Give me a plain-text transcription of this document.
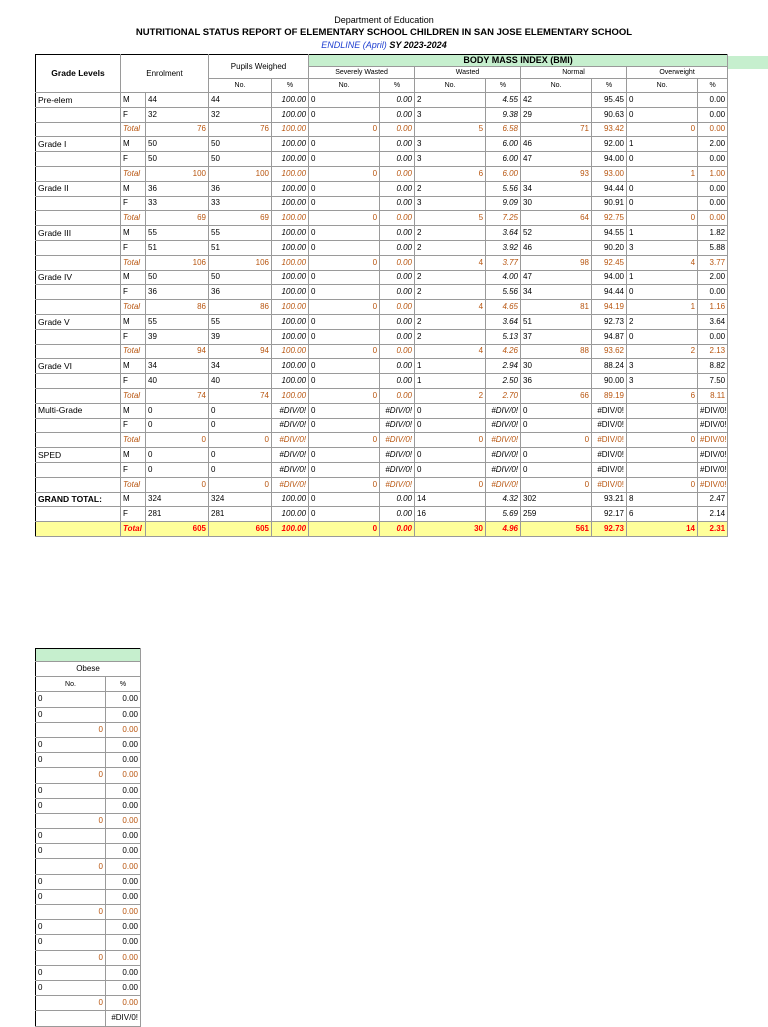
Department of Education
NUTRITIONAL STATUS REPORT OF ELEMENTARY SCHOOL CHILDREN IN SAN JOSE ELEMENTARY SCHOOL
ENDLINE (April) SY 2023-2024
Grade Levels	Enrolment		Pupils Weighed		BODY MASS INDEX (BMI)							
					Severely Wasted		Wasted		Normal		Overweight	
			No.	%	No.	%	No.	%	No.	%	No.	%
Pre-elem	M	44	44	100.00	0	0.00	2	4.55	42	95.45	0	0.00
	F	32	32	100.00	0	0.00	3	9.38	29	90.63	0	0.00
	Total	76	76	100.00	0	0.00	5	6.58	71	93.42	0	0.00
Grade I	M	50	50	100.00	0	0.00	3	6.00	46	92.00	1	2.00
	F	50	50	100.00	0	0.00	3	6.00	47	94.00	0	0.00
	Total	100	100	100.00	0	0.00	6	6.00	93	93.00	1	1.00
Grade II	M	36	36	100.00	0	0.00	2	5.56	34	94.44	0	0.00
	F	33	33	100.00	0	0.00	3	9.09	30	90.91	0	0.00
	Total	69	69	100.00	0	0.00	5	7.25	64	92.75	0	0.00
Grade III	M	55	55	100.00	0	0.00	2	3.64	52	94.55	1	1.82
	F	51	51	100.00	0	0.00	2	3.92	46	90.20	3	5.88
	Total	106	106	100.00	0	0.00	4	3.77	98	92.45	4	3.77
Grade IV	M	50	50	100.00	0	0.00	2	4.00	47	94.00	1	2.00
	F	36	36	100.00	0	0.00	2	5.56	34	94.44	0	0.00
	Total	86	86	100.00	0	0.00	4	4.65	81	94.19	1	1.16
Grade V	M	55	55	100.00	0	0.00	2	3.64	51	92.73	2	3.64
	F	39	39	100.00	0	0.00	2	5.13	37	94.87	0	0.00
	Total	94	94	100.00	0	0.00	4	4.26	88	93.62	2	2.13
Grade VI	M	34	34	100.00	0	0.00	1	2.94	30	88.24	3	8.82
	F	40	40	100.00	0	0.00	1	2.50	36	90.00	3	7.50
	Total	74	74	100.00	0	0.00	2	2.70	66	89.19	6	8.11
Multi-Grade	M	0	0	#DIV/0!	0	#DIV/0!	0	#DIV/0!	0	#DIV/0!		#DIV/0!
	F	0	0	#DIV/0!	0	#DIV/0!	0	#DIV/0!	0	#DIV/0!		#DIV/0!
	Total	0	0	#DIV/0!	0	#DIV/0!	0	#DIV/0!	0	#DIV/0!	0	#DIV/0!
SPED	M	0	0	#DIV/0!	0	#DIV/0!	0	#DIV/0!	0	#DIV/0!		#DIV/0!
	F	0	0	#DIV/0!	0	#DIV/0!	0	#DIV/0!	0	#DIV/0!		#DIV/0!
	Total	0	0	#DIV/0!	0	#DIV/0!	0	#DIV/0!	0	#DIV/0!	0	#DIV/0!
GRAND TOTAL:	M	324	324	100.00	0	0.00	14	4.32	302	93.21	8	2.47
	F	281	281	100.00	0	0.00	16	5.69	259	92.17	6	2.14
	Total	605	605	100.00	0	0.00	30	4.96	561	92.73	14	2.31

Obese	
No.	%
0	0.00
0	0.00
0	0.00
0	0.00
0	0.00
0	0.00
0	0.00
0	0.00
0	0.00
0	0.00
0	0.00
0	0.00
0	0.00
0	0.00
0	0.00
0	0.00
0	0.00
0	0.00
0	0.00
0	0.00
0	0.00
	#DIV/0!
